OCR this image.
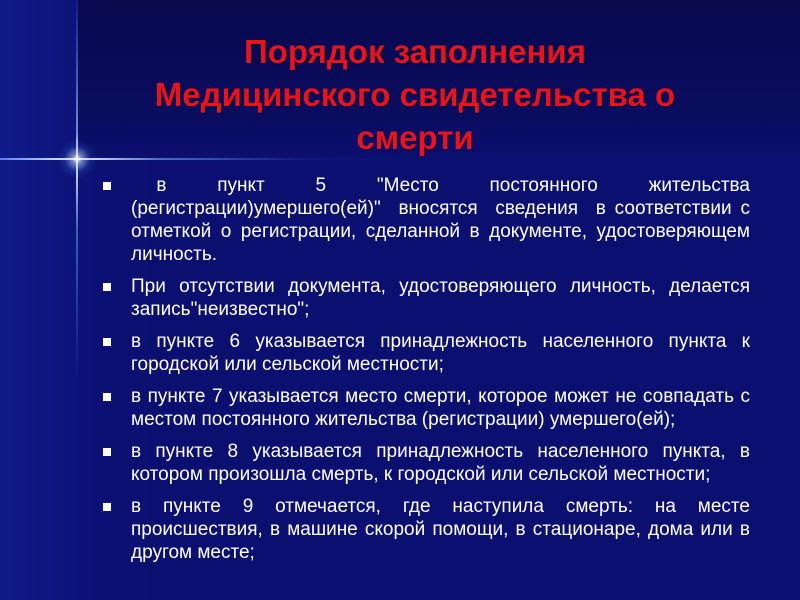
Порядок заполнения
Медицинского свидетельства о
смерти
в  пункт  5  "Место  постоянного  жительства (регистрации)умершего(ей)"  вносятся  сведения  в соответствии с отметкой о регистрации, сделанной в документе, удостоверяющем личность.
При отсутствии документа, удостоверяющего личность, делается запись"неизвестно";
в пункте 6 указывается принадлежность населенного пункта к городской или сельской местности;
в пункте 7 указывается место смерти, которое может не совпадать с местом постоянного жительства (регистрации) умершего(ей);
в пункте 8 указывается принадлежность населенного пункта, в котором произошла смерть, к городской или сельской местности;
в пункте 9 отмечается, где наступила смерть: на месте происшествия, в машине скорой помощи, в стационаре, дома или в другом месте;
